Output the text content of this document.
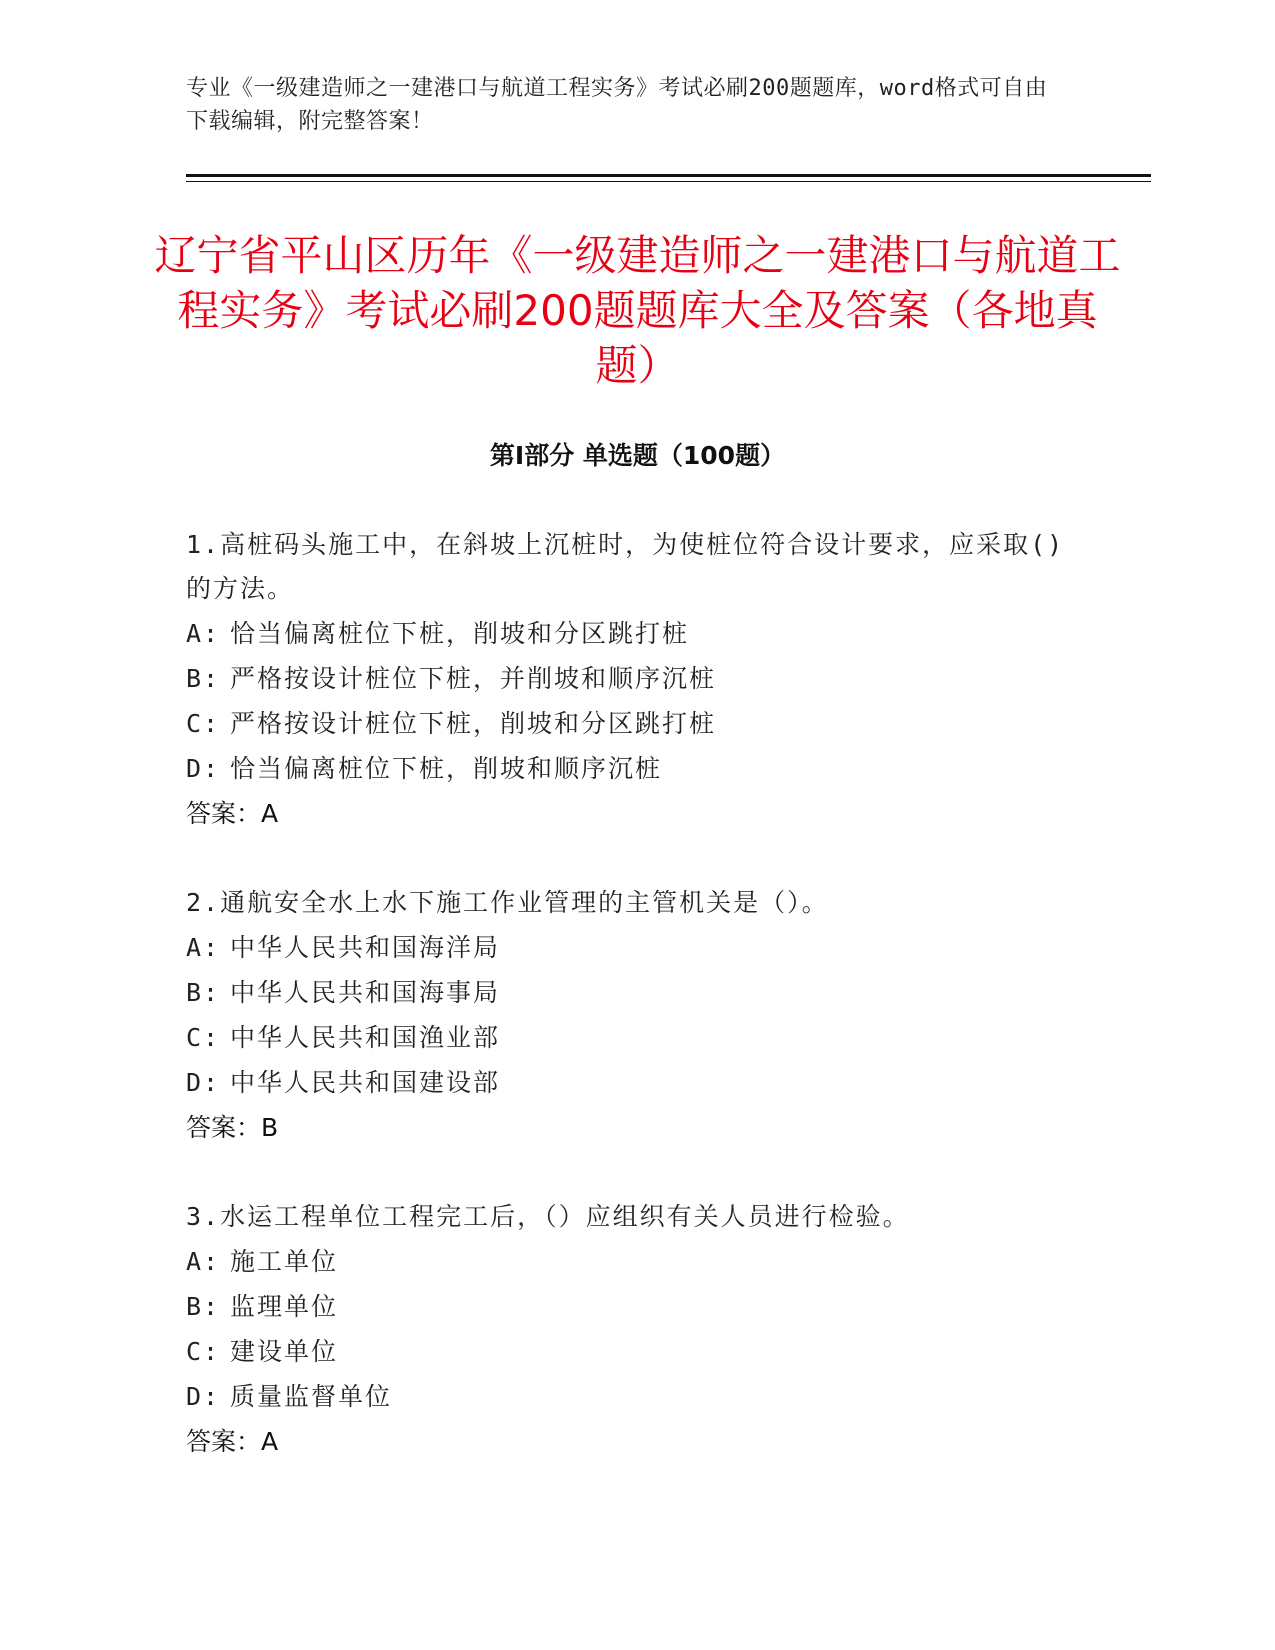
专业《一级建造师之一建港口与航道工程实务》考试必刷200题题库，word格式可自由下载编辑，附完整答案！
辽宁省平山区历年《一级建造师之一建港口与航道工程实务》考试必刷200题题库大全及答案（各地真题）
第I部分 单选题（100题）
1.高桩码头施工中，在斜坡上沉桩时，为使桩位符合设计要求，应采取()的方法。
A: 恰当偏离桩位下桩，削坡和分区跳打桩
B: 严格按设计桩位下桩，并削坡和顺序沉桩
C: 严格按设计桩位下桩，削坡和分区跳打桩
D: 恰当偏离桩位下桩，削坡和顺序沉桩
答案：A
2.通航安全水上水下施工作业管理的主管机关是（）。
A: 中华人民共和国海洋局
B: 中华人民共和国海事局
C: 中华人民共和国渔业部
D: 中华人民共和国建设部
答案：B
3.水运工程单位工程完工后，（）应组织有关人员进行检验。
A: 施工单位
B: 监理单位
C: 建设单位
D: 质量监督单位
答案：A
